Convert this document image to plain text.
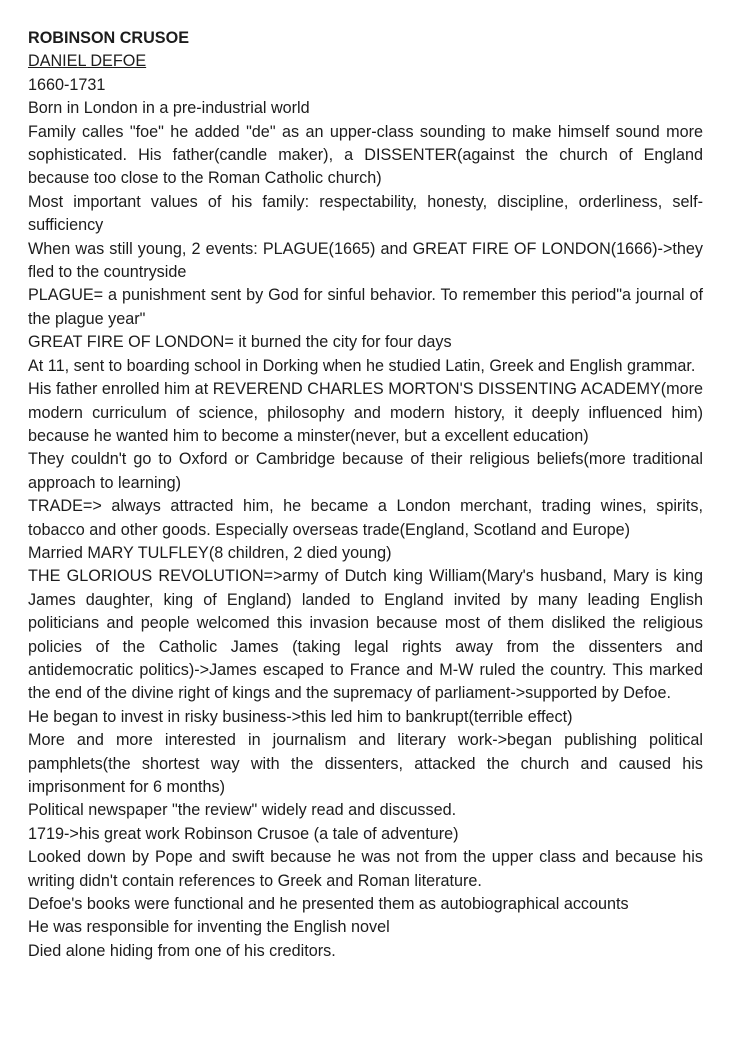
ROBINSON CRUSOE

DANIEL DEFOE

1660-1731

Born in London in a pre-industrial world

Family calles "foe" he added "de" as an upper-class sounding to make himself sound more sophisticated. His father(candle maker), a DISSENTER(against the church of England because too close to the Roman Catholic church)

Most important values of his family: respectability, honesty, discipline, orderliness, self-sufficiency

When was still young, 2 events: PLAGUE(1665) and GREAT FIRE OF LONDON(1666)->they fled to the countryside

PLAGUE= a punishment sent by God for sinful behavior. To remember this period"a journal of the plague year"

GREAT FIRE OF LONDON= it burned the city for four days

At 11, sent to boarding school in Dorking when he studied Latin, Greek and English grammar.

His father enrolled him at REVEREND CHARLES MORTON'S DISSENTING ACADEMY(more modern curriculum of science, philosophy and modern history, it deeply influenced him) because he wanted him to become a minster(never, but a excellent education)

They couldn't go to Oxford or Cambridge because of their religious beliefs(more traditional approach to learning)

TRADE=> always attracted him, he became a London merchant, trading wines, spirits, tobacco and other goods. Especially overseas trade(England, Scotland and Europe)

Married MARY TULFLEY(8 children, 2 died young)

THE GLORIOUS REVOLUTION=>army of Dutch king William(Mary's husband, Mary is king James daughter, king of England) landed to England invited by many leading English politicians and people welcomed this invasion because most of them disliked the religious policies of the Catholic James (taking legal rights away from the dissenters and antidemocratic politics)->James escaped to France and M-W ruled the country. This marked the end of the divine right of kings and the supremacy of parliament->supported by Defoe.

He began to invest in risky business->this led him to bankrupt(terrible effect)

More and more interested in journalism and literary work->began publishing political pamphlets(the shortest way with the dissenters, attacked the church and caused his imprisonment for 6 months)

Political newspaper "the review" widely read and discussed.

1719->his great work Robinson Crusoe (a tale of adventure)

Looked down by Pope and swift because he was not from the upper class and because his writing didn't contain references to Greek and Roman literature.

Defoe's books were functional and he presented them as autobiographical accounts

He was responsible for inventing the English novel

Died alone hiding from one of his creditors.
